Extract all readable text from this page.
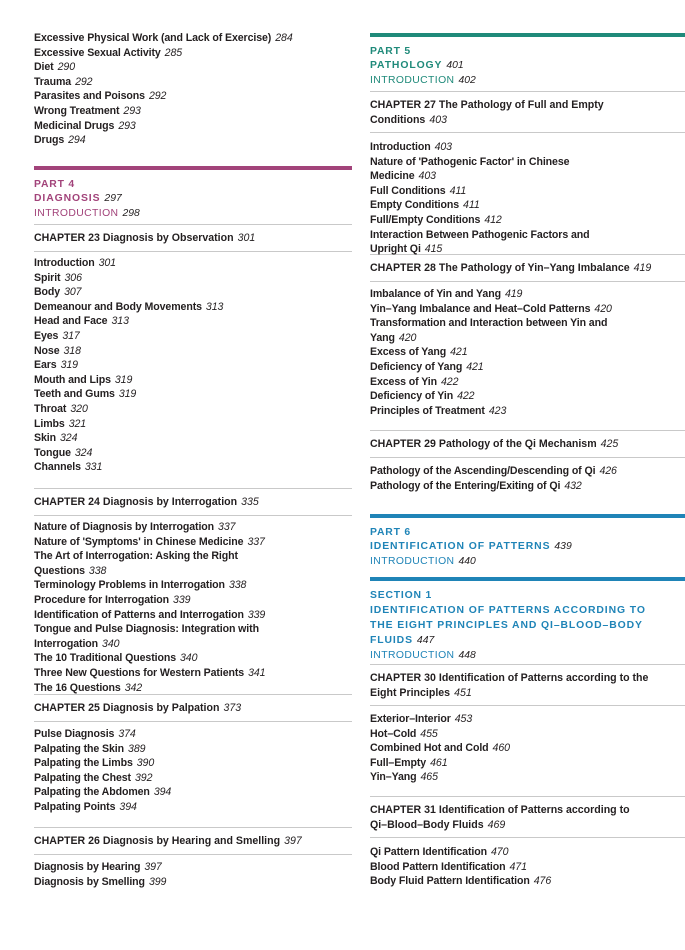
PART 4
DIAGNOSIS 297
INTRODUCTION 298
CHAPTER 23 Diagnosis by Observation 301
CHAPTER 24 Diagnosis by Interrogation 335
CHAPTER 25 Diagnosis by Palpation 373
CHAPTER 26 Diagnosis by Hearing and Smelling 397
Excessive Physical Work (and Lack of Exercise) 284
Excessive Sexual Activity 285
Diet 290
Trauma 292
Parasites and Poisons 292
Wrong Treatment 293
Medicinal Drugs 293
Drugs 294
Introduction 301
Spirit 306
Body 307
Demeanour and Body Movements 313
Head and Face 313
Eyes 317
Nose 318
Ears 319
Mouth and Lips 319
Teeth and Gums 319
Throat 320
Limbs 321
Skin 324
Tongue 324
Channels 331
Nature of Diagnosis by Interrogation 337
Nature of 'Symptoms' in Chinese Medicine 337
The Art of Interrogation: Asking the Right Questions 338
Terminology Problems in Interrogation 338
Procedure for Interrogation 339
Identification of Patterns and Interrogation 339
Tongue and Pulse Diagnosis: Integration with Interrogation 340
The 10 Traditional Questions 340
Three New Questions for Western Patients 341
The 16 Questions 342
Pulse Diagnosis 374
Palpating the Skin 389
Palpating the Limbs 390
Palpating the Chest 392
Palpating the Abdomen 394
Palpating Points 394
Diagnosis by Hearing 397
Diagnosis by Smelling 399
PART 5
PATHOLOGY 401
INTRODUCTION 402
CHAPTER 27 The Pathology of Full and Empty Conditions 403
CHAPTER 28 The Pathology of Yin–Yang Imbalance 419
CHAPTER 29 Pathology of the Qi Mechanism 425
PART 6
IDENTIFICATION OF PATTERNS 439
INTRODUCTION 440
SECTION 1
IDENTIFICATION OF PATTERNS ACCORDING TO THE EIGHT PRINCIPLES AND QI–BLOOD–BODY FLUIDS 447
INTRODUCTION 448
CHAPTER 30 Identification of Patterns according to the Eight Principles 451
CHAPTER 31 Identification of Patterns according to Qi–Blood–Body Fluids 469
Introduction 403
Nature of 'Pathogenic Factor' in Chinese Medicine 403
Full Conditions 411
Empty Conditions 411
Full/Empty Conditions 412
Interaction Between Pathogenic Factors and Upright Qi 415
Imbalance of Yin and Yang 419
Yin–Yang Imbalance and Heat–Cold Patterns 420
Transformation and Interaction between Yin and Yang 420
Excess of Yang 421
Deficiency of Yang 421
Excess of Yin 422
Deficiency of Yin 422
Principles of Treatment 423
Pathology of the Ascending/Descending of Qi 426
Pathology of the Entering/Exiting of Qi 432
Exterior–Interior 453
Hot–Cold 455
Combined Hot and Cold 460
Full–Empty 461
Yin–Yang 465
Qi Pattern Identification 470
Blood Pattern Identification 471
Body Fluid Pattern Identification 476
